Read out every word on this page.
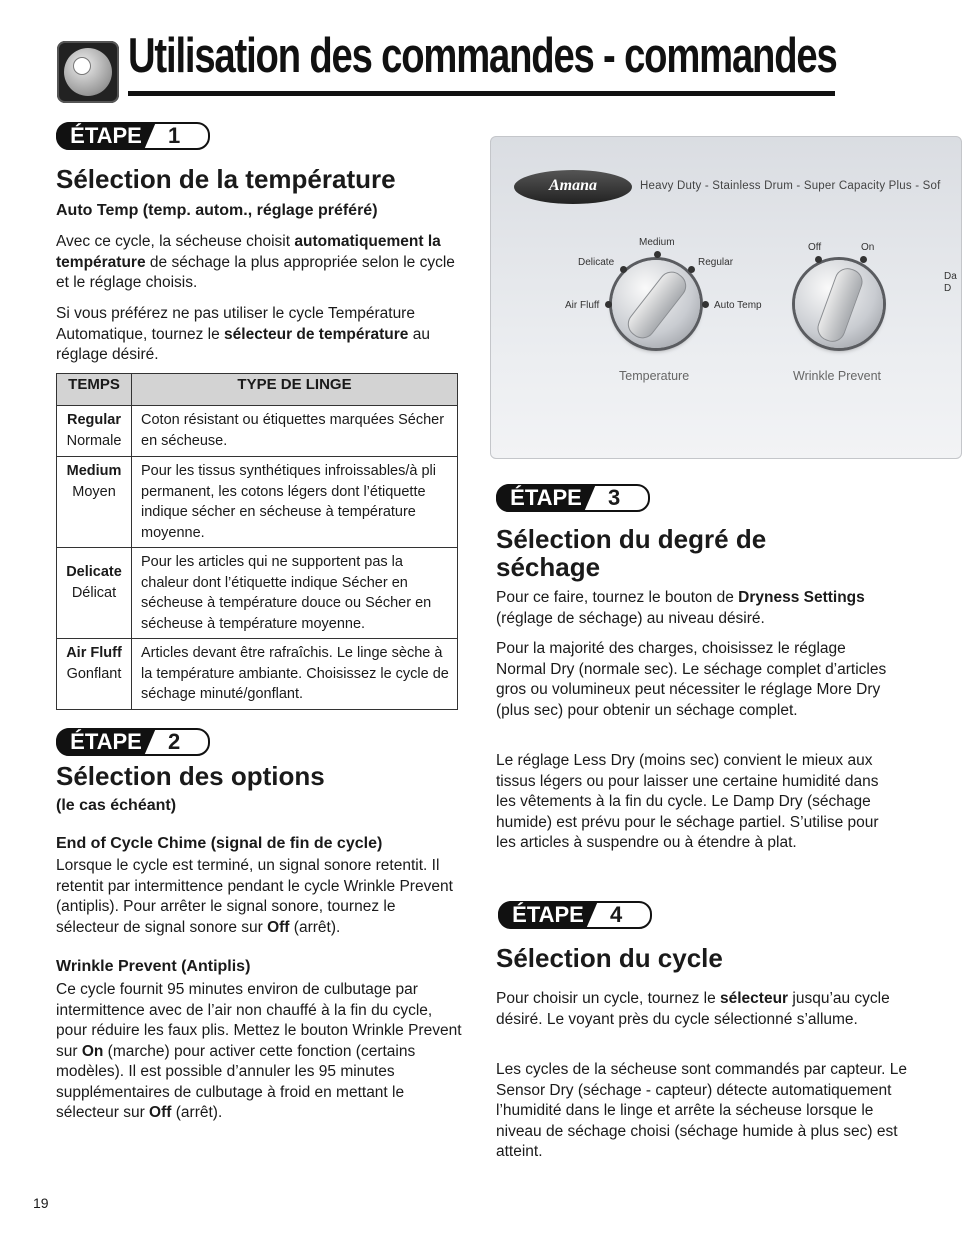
Utilisation des commandes - commandes
ÉTAPE	1
Sélection de la température
Auto Temp (temp. autom., réglage préféré)

Avec ce cycle, la sécheuse choisit automatiquement la température de séchage la plus appropriée selon le cycle et le réglage choisis.

Si vous préférez ne pas utiliser le cycle Température Automatique, tournez le sélecteur de température au réglage désiré.

TEMPS	TYPE DE LINGE
Regular
Normale	Coton résistant ou étiquettes marquées Sécher en sécheuse.
Medium
Moyen	Pour les tissus synthétiques infroissables/à pli permanent, les cotons légers dont l’étiquette indique sécher en sécheuse à température moyenne.
Delicate
Délicat	Pour les articles qui ne supportent pas la chaleur dont l’étiquette indique Sécher en sécheuse à température douce ou Sécher en sécheuse à température moyenne.
Air Fluff
Gonflant	Articles devant être rafraîchis. Le linge sèche à la température ambiante. Choisissez le cycle de séchage minuté/gonflant.
ÉTAPE	2
Sélection des options
(le cas échéant)
End of Cycle Chime (signal de fin de cycle)

Lorsque le cycle est terminé, un signal sonore retentit. Il retentit par intermittence pendant le cycle Wrinkle Prevent (antiplis). Pour arrêter le signal sonore, tournez le sélecteur de signal sonore sur Off (arrêt).

Wrinkle Prevent (Antiplis)

Ce cycle fournit 95 minutes environ de culbutage par intermittence avec de l’air non chauffé à la fin du cycle, pour réduire les faux plis. Mettez le bouton Wrinkle Prevent sur On (marche) pour activer cette fonction (certains modèles). Il est possible d’annuler les 95 minutes supplémentaires de culbutage à froid en mettant le sélecteur sur Off (arrêt).

Amana	Heavy Duty - Stainless Drum - Super Capacity Plus - Sof
Medium
Delicate	Regular
Air Fluff	Auto Temp
Temperature
Off	On
Wrinkle Prevent
Da
D
ÉTAPE	3
Sélection du degré de séchage

Pour ce faire, tournez le bouton de Dryness Settings (réglage de séchage) au niveau désiré.

Pour la majorité des charges, choisissez le réglage Normal Dry (normale sec). Le séchage complet d’articles gros ou volumineux peut nécessiter le réglage More Dry (plus sec) pour obtenir un séchage complet.

Le réglage Less Dry (moins sec) convient le mieux aux tissus légers ou pour laisser une certaine humidité dans les vêtements à la fin du cycle. Le Damp Dry (séchage humide) est prévu pour le séchage partiel. S’utilise pour les articles à suspendre ou à étendre à plat.

ÉTAPE	4
Sélection du cycle

Pour choisir un cycle, tournez le sélecteur jusqu’au cycle désiré. Le voyant près du cycle sélectionné s’allume.

Les cycles de la sécheuse sont commandés par capteur. Le Sensor Dry (séchage - capteur) détecte automatiquement l’humidité dans le linge et arrête la sécheuse lorsque le niveau de séchage choisi (séchage humide à plus sec) est atteint.

19
